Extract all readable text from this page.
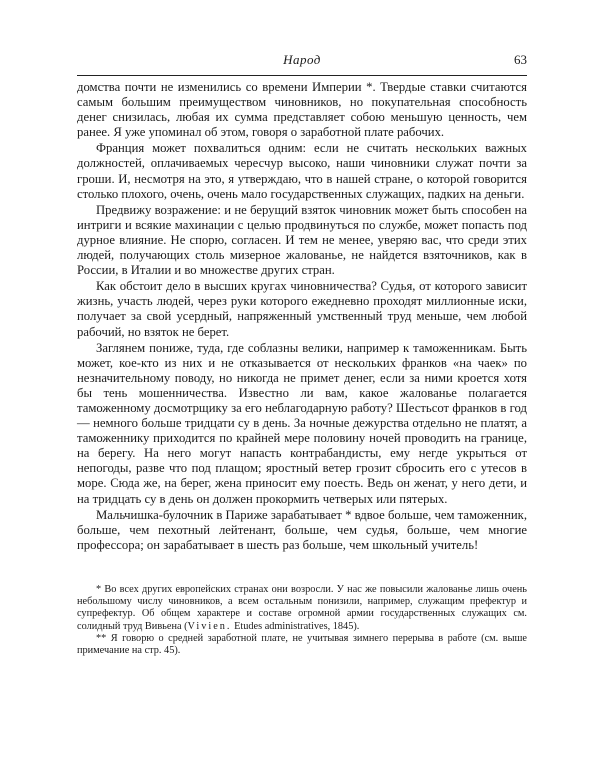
Народ	63

домства почти не изменились со времени Империи *. Твердые ставки считаются самым большим преимуществом чиновников, но покупательная способность денег снизилась, любая их сумма представляет собою меньшую ценность, чем ранее. Я уже упоминал об этом, говоря о заработной плате рабочих.

Франция может похвалиться одним: если не считать нескольких важных должностей, оплачиваемых чересчур высоко, наши чиновники служат почти за гроши. И, несмотря на это, я утверждаю, что в нашей стране, о которой говорится столько плохого, очень, очень мало государственных служащих, падких на деньги.

Предвижу возражение: и не берущий взяток чиновник может быть способен на интриги и всякие махинации с целью продвинуться по службе, может попасть под дурное влияние. Не спорю, согласен. И тем не менее, уверяю вас, что среди этих людей, получающих столь мизерное жалованье, не найдется взяточников, как в России, в Италии и во множестве других стран.

Как обстоит дело в высших кругах чиновничества? Судья, от которого зависит жизнь, участь людей, через руки которого ежедневно проходят миллионные иски, получает за свой усердный, напряженный умственный труд меньше, чем любой рабочий, но взяток не берет.

Заглянем пониже, туда, где соблазны велики, например к таможенникам. Быть может, кое-кто из них и не отказывается от нескольких франков «на чаек» по незначительному поводу, но никогда не примет денег, если за ними кроется хотя бы тень мошенничества. Известно ли вам, какое жалованье полагается таможенному досмотрщику за его неблагодарную работу? Шестьсот франков в год — немного больше тридцати су в день. За ночные дежурства отдельно не платят, а таможеннику приходится по крайней мере половину ночей проводить на границе, на берегу. На него могут напасть контрабандисты, ему негде укрыться от непогоды, разве что под плащом; яростный ветер грозит сбросить его с утесов в море. Сюда же, на берег, жена приносит ему поесть. Ведь он женат, у него дети, и на тридцать су в день он должен прокормить четверых или пятерых.

Мальчишка-булочник в Париже зарабатывает * вдвое больше, чем таможенник, больше, чем пехотный лейтенант, больше, чем судья, больше, чем многие профессора; он зарабатывает в шесть раз больше, чем школьный учитель!

* Во всех других европейских странах они возросли. У нас же повысили жалованье лишь очень небольшому числу чиновников, а всем остальным понизили, например, служащим префектур и супрефектур. Об общем характере и составе огромной армии государственных служащих см. солидный труд Вивьена (Vivien. Etudes administratives, 1845).

** Я говорю о средней заработной плате, не учитывая зимнего перерыва в работе (см. выше примечание на стр. 45).
